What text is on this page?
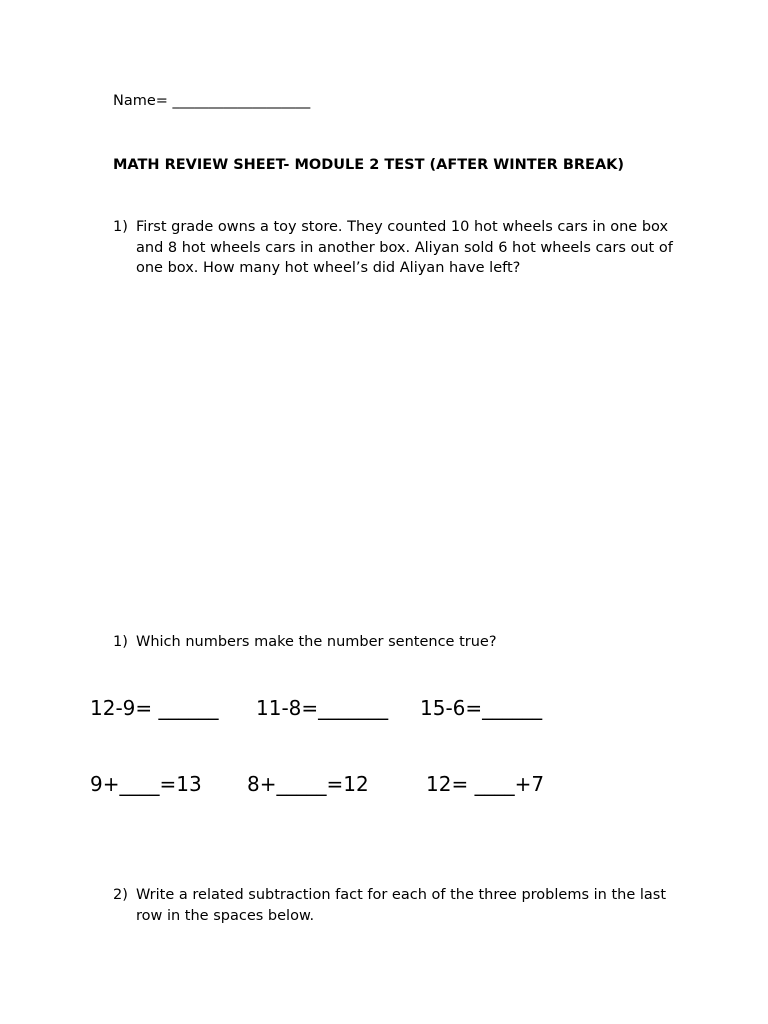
Name= ___________________
MATH REVIEW SHEET- MODULE 2 TEST (AFTER WINTER BREAK)
1) First grade owns a toy store. They counted 10 hot wheels cars in one box and 8 hot wheels cars in another box. Aliyan sold 6 hot wheels cars out of one box. How many hot wheel’s did Aliyan have left?
1) Which numbers make the number sentence true?
12-9= ______ 11-8=_______ 15-6=______
9+____=13 8+_____=12	12= ____+7
2) Write a related subtraction fact for each of the three problems in the last row in the spaces below.
